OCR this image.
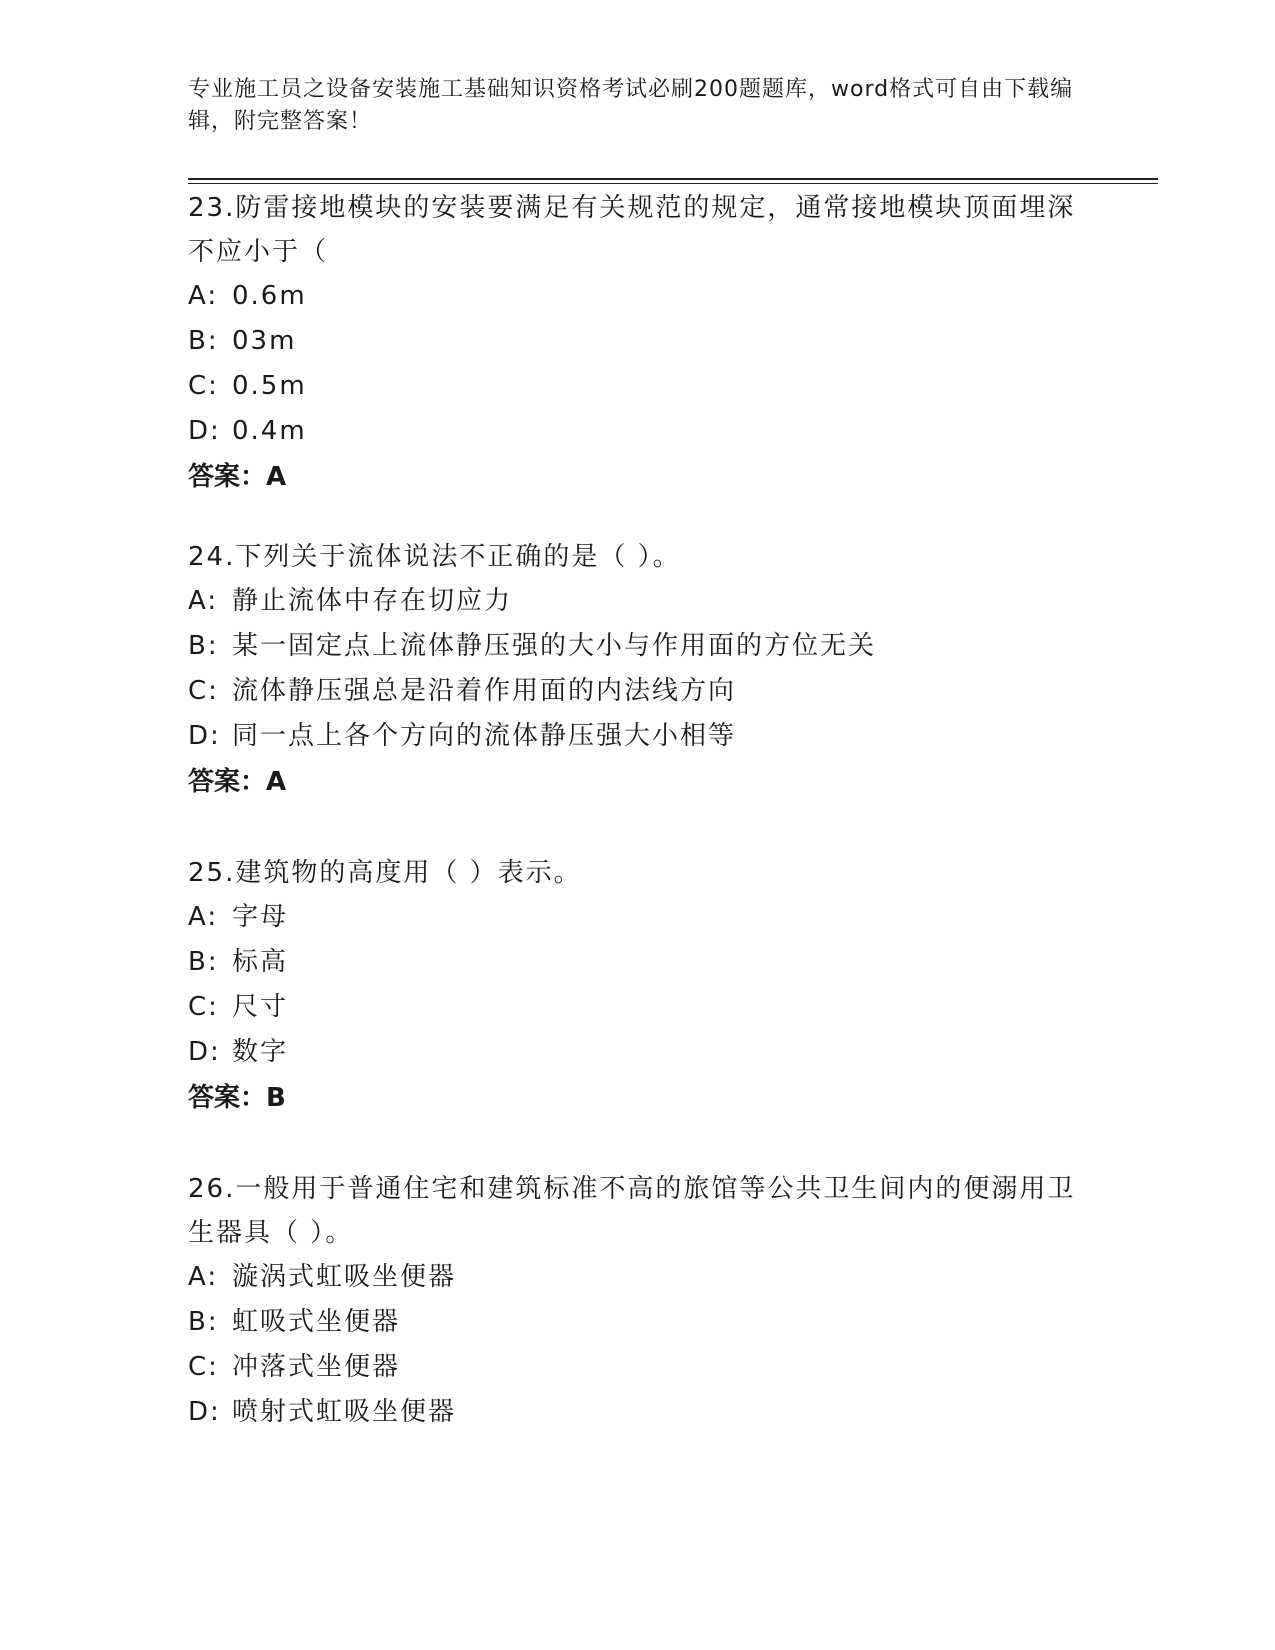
专业施工员之设备安装施工基础知识资格考试必刷200题题库，word格式可自由下载编辑，附完整答案！

23.防雷接地模块的安装要满足有关规范的规定，通常接地模块顶面埋深不应小于（

A: 0.6m

B: 03m

C: 0.5m

D: 0.4m

答案：A

24.下列关于流体说法不正确的是（ ）。

A: 静止流体中存在切应力

B: 某一固定点上流体静压强的大小与作用面的方位无关

C: 流体静压强总是沿着作用面的内法线方向

D: 同一点上各个方向的流体静压强大小相等

答案：A

25.建筑物的高度用（ ）表示。

A: 字母

B: 标高

C: 尺寸

D: 数字

答案：B

26.一般用于普通住宅和建筑标准不高的旅馆等公共卫生间内的便溺用卫生器具（ ）。

A: 漩涡式虹吸坐便器

B: 虹吸式坐便器

C: 冲落式坐便器

D: 喷射式虹吸坐便器
